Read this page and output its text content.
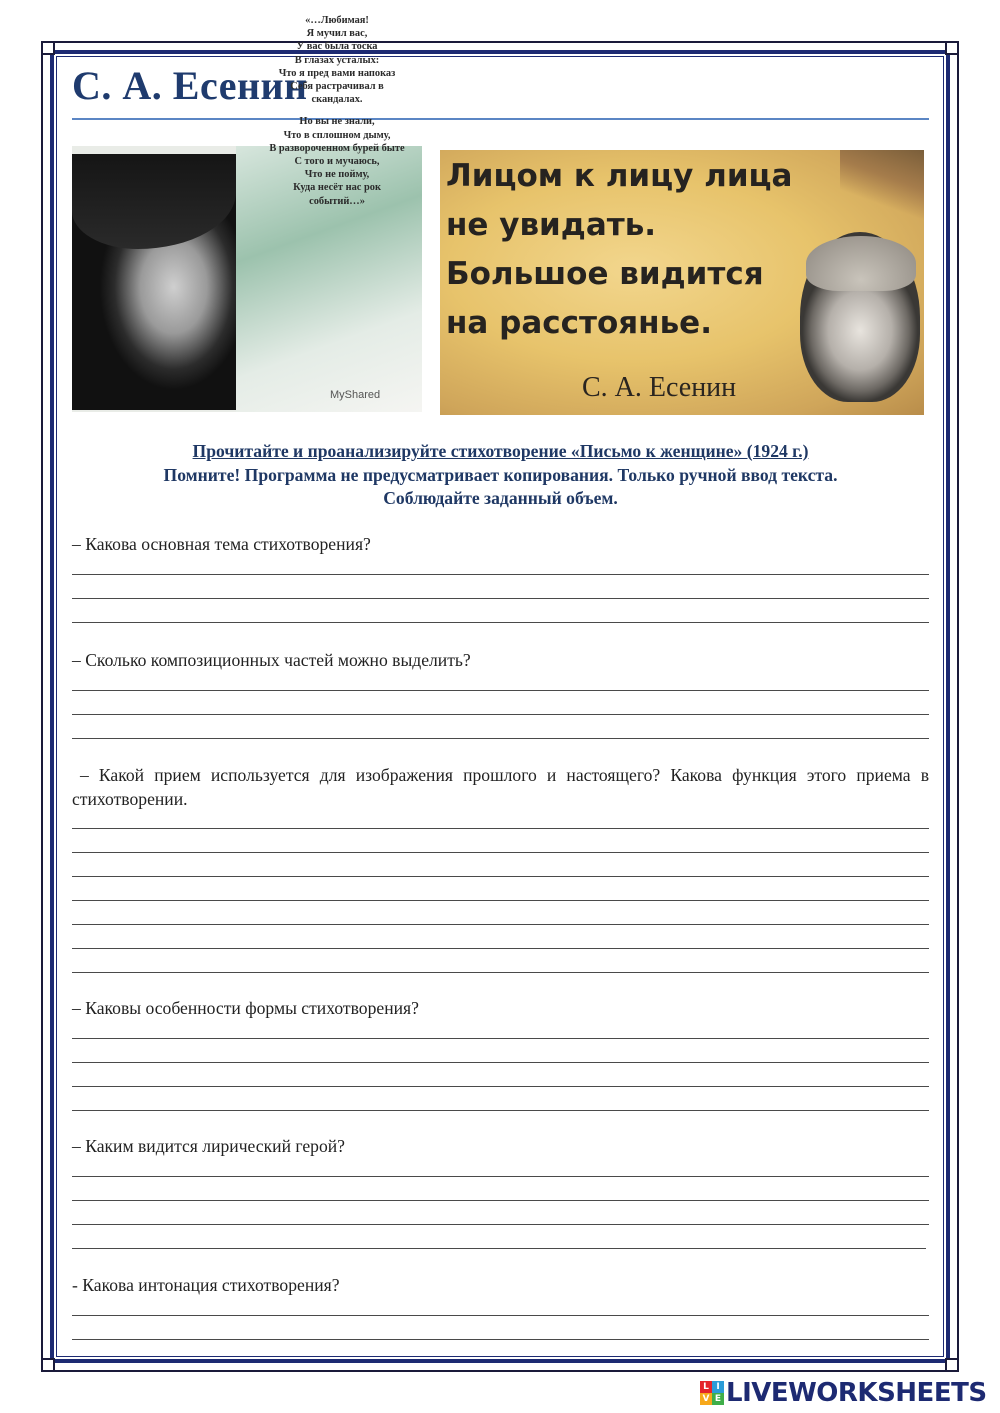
С. А. Есенин
«…Любимая!
Я мучил вас,
У вас была тоска
В глазах усталых:
Что я пред вами напоказ
Себя растрачивал в
скандалах.
Но вы не знали,
Что в сплошном дыму,
В развороченном бурей быте
С того и мучаюсь,
Что не пойму,
Куда несёт нас рок
событий…»
MyShared
Лицом к лицу лица
не увидать.
Большое видится
на расстоянье.
С. А. Есенин
Прочитайте и проанализируйте стихотворение «Письмо к женщине» (1924 г.)
Помните! Программа не предусматривает копирования. Только ручной ввод текста.
Соблюдайте заданный объем.
– Какова основная тема стихотворения?
– Сколько композиционных частей можно выделить?
– Какой прием используется для изображения прошлого и настоящего? Какова функция этого приема в стихотворении.
– Каковы особенности формы стихотворения?
– Каким видится лирический герой?
- Какова интонация стихотворения?
L I
V E LIVEWORKSHEETS
